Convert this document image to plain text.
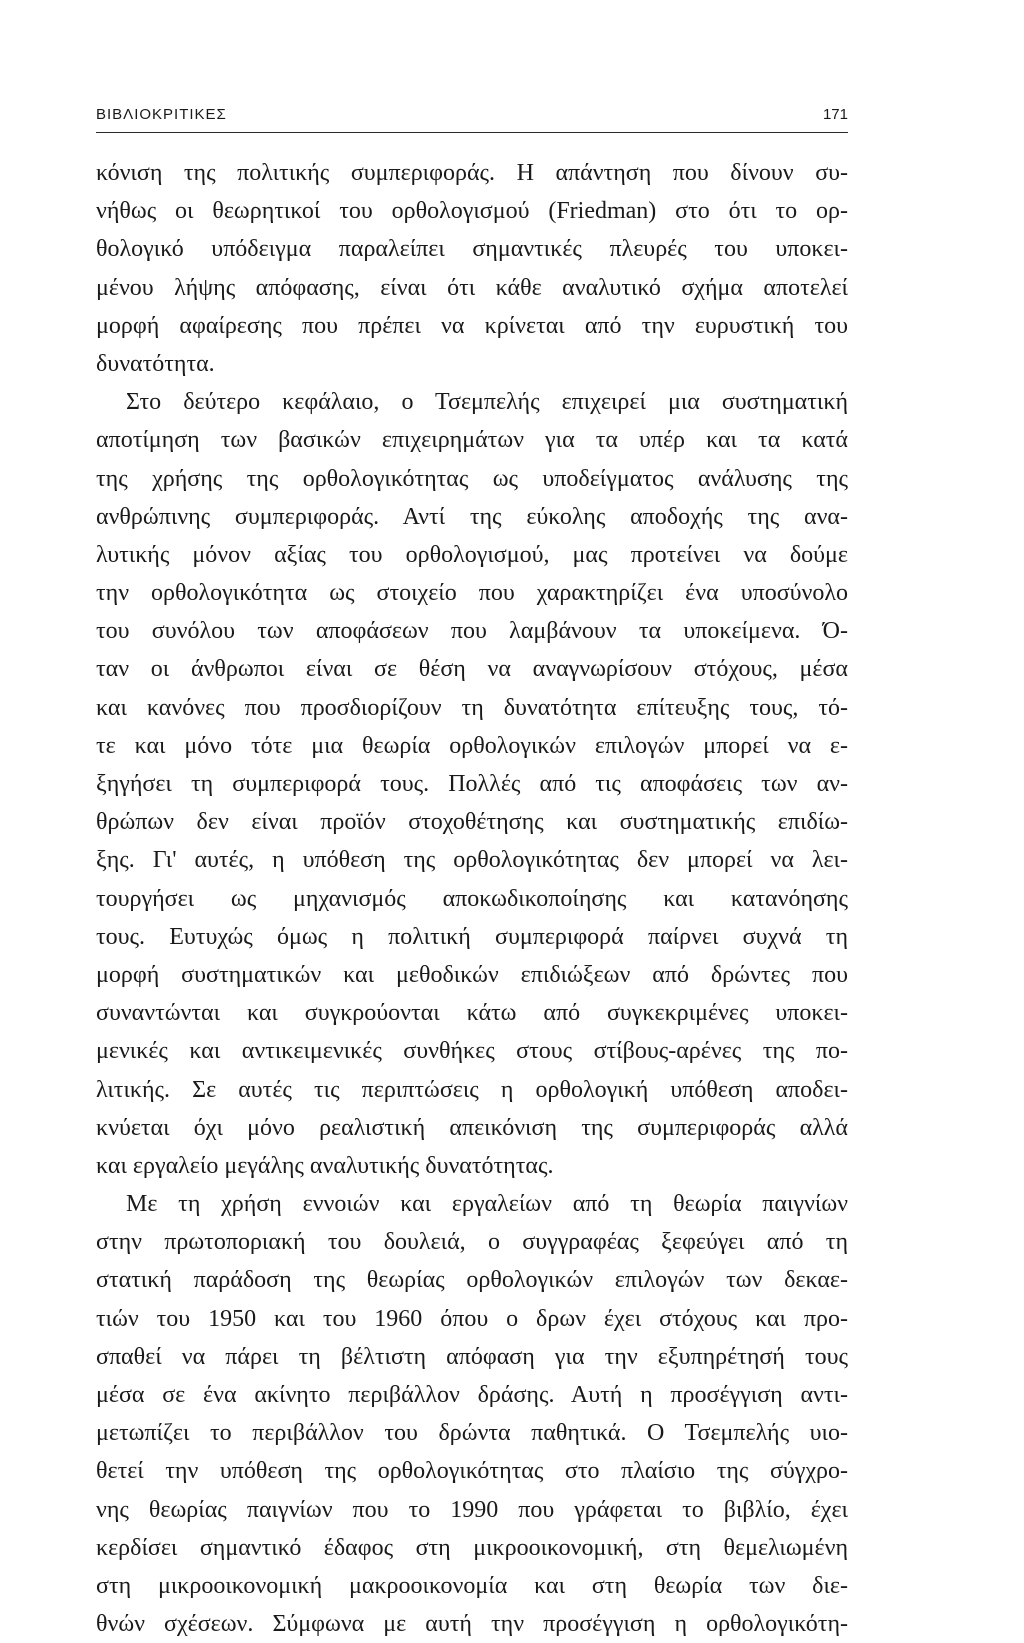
ΒΙΒΛΙΟΚΡΙΤΙΚΕΣ	171
κόνιση της πολιτικής συμπεριφοράς. Η απάντηση που δίνουν συ-
νήθως οι θεωρητικοί του ορθολογισμού (Friedman) στο ότι το ορ-
θολογικό υπόδειγμα παραλείπει σημαντικές πλευρές του υποκει-
μένου λήψης απόφασης, είναι ότι κάθε αναλυτικό σχήμα αποτελεί
μορφή αφαίρεσης που πρέπει να κρίνεται από την ευρυστική του
δυνατότητα.
Στο δεύτερο κεφάλαιο, ο Τσεμπελής επιχειρεί μια συστηματική
αποτίμηση των βασικών επιχειρημάτων για τα υπέρ και τα κατά
της χρήσης της ορθολογικότητας ως υποδείγματος ανάλυσης της
ανθρώπινης συμπεριφοράς. Αντί της εύκολης αποδοχής της ανα-
λυτικής μόνον αξίας του ορθολογισμού, μας προτείνει να δούμε
την ορθολογικότητα ως στοιχείο που χαρακτηρίζει ένα υποσύνολο
του συνόλου των αποφάσεων που λαμβάνουν τα υποκείμενα. Ό-
ταν οι άνθρωποι είναι σε θέση να αναγνωρίσουν στόχους, μέσα
και κανόνες που προσδιορίζουν τη δυνατότητα επίτευξης τους, τό-
τε και μόνο τότε μια θεωρία ορθολογικών επιλογών μπορεί να ε-
ξηγήσει τη συμπεριφορά τους. Πολλές από τις αποφάσεις των αν-
θρώπων δεν είναι προϊόν στοχοθέτησης και συστηματικής επιδίω-
ξης. Γι' αυτές, η υπόθεση της ορθολογικότητας δεν μπορεί να λει-
τουργήσει ως μηχανισμός αποκωδικοποίησης και κατανόησης
τους. Ευτυχώς όμως η πολιτική συμπεριφορά παίρνει συχνά τη
μορφή συστηματικών και μεθοδικών επιδιώξεων από δρώντες που
συναντώνται και συγκρούονται κάτω από συγκεκριμένες υποκει-
μενικές και αντικειμενικές συνθήκες στους στίβους-αρένες της πο-
λιτικής. Σε αυτές τις περιπτώσεις η ορθολογική υπόθεση αποδει-
κνύεται όχι μόνο ρεαλιστική απεικόνιση της συμπεριφοράς αλλά
και εργαλείο μεγάλης αναλυτικής δυνατότητας.
Με τη χρήση εννοιών και εργαλείων από τη θεωρία παιγνίων
στην πρωτοποριακή του δουλειά, ο συγγραφέας ξεφεύγει από τη
στατική παράδοση της θεωρίας ορθολογικών επιλογών των δεκαε-
τιών του 1950 και του 1960 όπου ο δρων έχει στόχους και προ-
σπαθεί να πάρει τη βέλτιστη απόφαση για την εξυπηρέτησή τους
μέσα σε ένα ακίνητο περιβάλλον δράσης. Αυτή η προσέγγιση αντι-
μετωπίζει το περιβάλλον του δρώντα παθητικά. Ο Τσεμπελής υιο-
θετεί την υπόθεση της ορθολογικότητας στο πλαίσιο της σύγχρο-
νης θεωρίας παιγνίων που το 1990 που γράφεται το βιβλίο, έχει
κερδίσει σημαντικό έδαφος στη μικροοικονομική, στη θεμελιωμένη
στη μικροοικονομική μακροοικονομία και στη θεωρία των διε-
θνών σχέσεων. Σύμφωνα με αυτή την προσέγγιση η ορθολογικότη-
